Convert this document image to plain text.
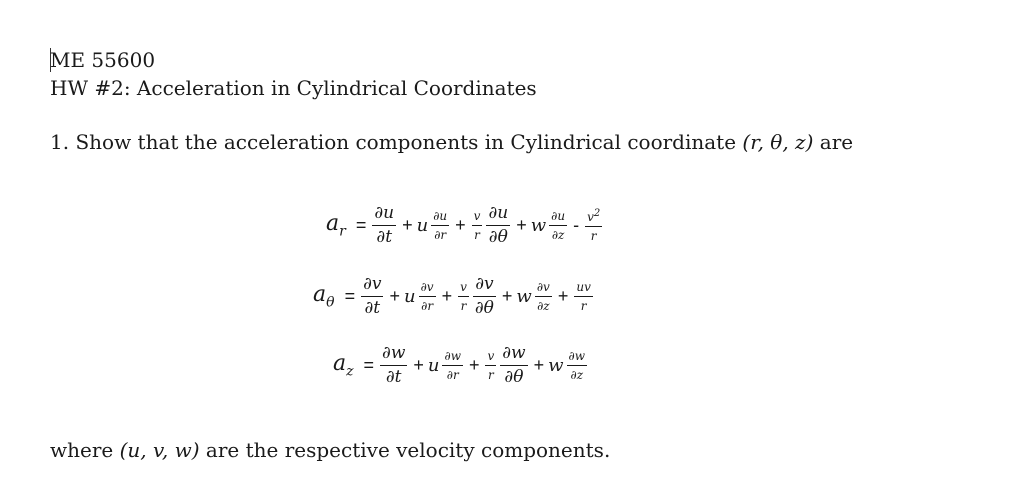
ME 55600
HW #2: Acceleration in Cylindrical Coordinates
1. Show that the acceleration components in Cylindrical coordinate (r, θ, z) are
$a_r = \frac{\partial u}{\partial t} + u \frac{\partial u}{\partial r} + \frac{v}{r} \frac{\partial u}{\partial\theta} + w \frac{\partial u}{\partial z} - \frac{v^2}{r}$
$a_\theta = \frac{\partial v}{\partial t} + u \frac{\partial v}{\partial r} + \frac{v}{r} \frac{\partial v}{\partial\theta} + w \frac{\partial v}{\partial z} + \frac{uv}{r}$
$a_z = \frac{\partial w}{\partial t} + u \frac{\partial w}{\partial r} + \frac{v}{r} \frac{\partial w}{\partial\theta} + w \frac{\partial w}{\partial z}$
where (u, v, w) are the respective velocity components.
